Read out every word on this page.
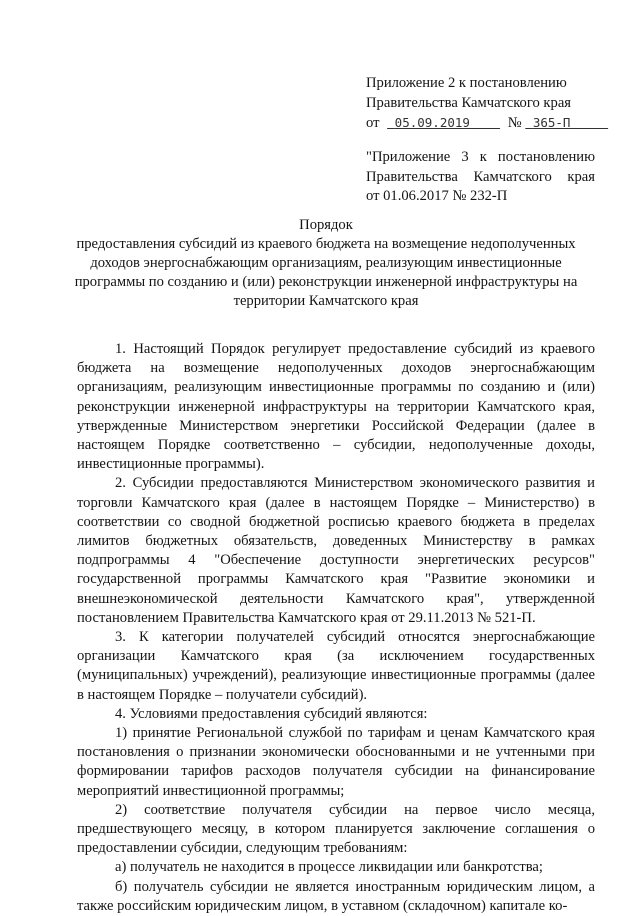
Приложение 2 к постановлению
Правительства Камчатского края
от 05.09.2019	№ 365-П
"Приложение 3 к постановлению
Правительства Камчатского края
от 01.06.2017 № 232-П
Порядок
предоставления субсидий из краевого бюджета на возмещение недополученных доходов энергоснабжающим организациям, реализующим инвестиционные программы по созданию и (или) реконструкции инженерной инфраструктуры на территории Камчатского края

1. Настоящий Порядок регулирует предоставление субсидий из краевого бюджета на возмещение недополученных доходов энергоснабжающим организациям, реализующим инвестиционные программы по созданию и (или) реконструкции инженерной инфраструктуры на территории Камчатского края, утвержденные Министерством энергетики Российской Федерации (далее в настоящем Порядке соответственно – субсидии, недополученные доходы, инвестиционные программы).

2. Субсидии предоставляются Министерством экономического развития и торговли Камчатского края (далее в настоящем Порядке – Министерство) в соответствии со сводной бюджетной росписью краевого бюджета в пределах лимитов бюджетных обязательств, доведенных Министерству в рамках подпрограммы 4 "Обеспечение доступности энергетических ресурсов" государственной программы Камчатского края "Развитие экономики и внешнеэкономической деятельности Камчатского края", утвержденной постановлением Правительства Камчатского края от 29.11.2013 № 521-П.

3. К категории получателей субсидий относятся энергоснабжающие организации Камчатского края (за исключением государственных (муниципальных) учреждений), реализующие инвестиционные программы (далее в настоящем Порядке – получатели субсидий).

4. Условиями предоставления субсидий являются:

1) принятие Региональной службой по тарифам и ценам Камчатского края постановления о признании экономически обоснованными и не учтенными при формировании тарифов расходов получателя субсидии на финансирование мероприятий инвестиционной программы;

2) соответствие получателя субсидии на первое число месяца, предшествующего месяцу, в котором планируется заключение соглашения о предоставлении субсидии, следующим требованиям:

а) получатель не находится в процессе ликвидации или банкротства;

б) получатель субсидии не является иностранным юридическим лицом, а также российским юридическим лицом, в уставном (складочном) капитале ко-
